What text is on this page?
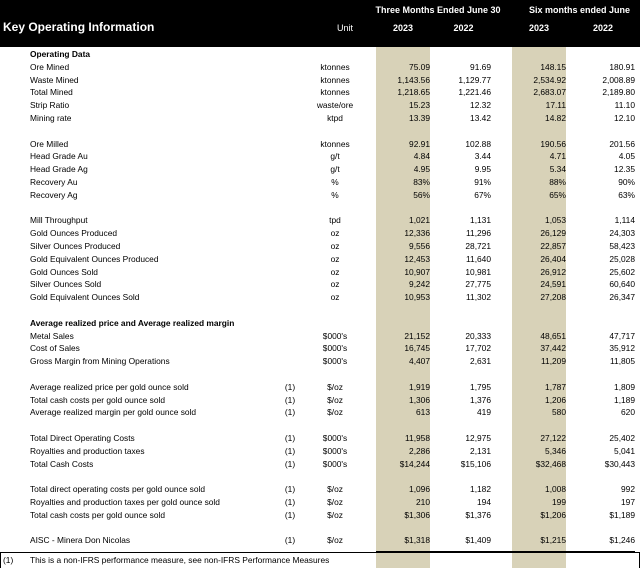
Key Operating Information
Three Months Ended June 30	Six months ended June
Unit	2023	2022	2023	2022
Operating Data
Ore Mined	ktonnes	75.09	91.69	148.15	180.91
Waste Mined	ktonnes	1,143.56	1,129.77	2,534.92	2,008.89
Total Mined	ktonnes	1,218.65	1,221.46	2,683.07	2,189.80
Strip Ratio	waste/ore	15.23	12.32	17.11	11.10
Mining rate	ktpd	13.39	13.42	14.82	12.10
Ore Milled	ktonnes	92.91	102.88	190.56	201.56
Head Grade Au	g/t	4.84	3.44	4.71	4.05
Head Grade Ag	g/t	4.95	9.95	5.34	12.35
Recovery Au	%	83%	91%	88%	90%
Recovery Ag	%	56%	67%	65%	63%
Mill Throughput	tpd	1,021	1,131	1,053	1,114
Gold Ounces Produced	oz	12,336	11,296	26,129	24,303
Silver Ounces Produced	oz	9,556	28,721	22,857	58,423
Gold Equivalent Ounces Produced	oz	12,453	11,640	26,404	25,028
Gold Ounces Sold	oz	10,907	10,981	26,912	25,602
Silver Ounces Sold	oz	9,242	27,775	24,591	60,640
Gold Equivalent Ounces Sold	oz	10,953	11,302	27,208	26,347
Average realized price and Average realized margin
Metal Sales	$000's	21,152	20,333	48,651	47,717
Cost of Sales	$000's	16,745	17,702	37,442	35,912
Gross Margin from Mining Operations	$000's	4,407	2,631	11,209	11,805
Average realized price per gold ounce sold	(1)	$/oz	1,919	1,795	1,787	1,809
Total cash costs per gold ounce sold	(1)	$/oz	1,306	1,376	1,206	1,189
Average realized margin per gold ounce sold	(1)	$/oz	613	419	580	620
Total Direct Operating Costs	(1)	$000's	11,958	12,975	27,122	25,402
Royalties and production taxes	(1)	$000's	2,286	2,131	5,346	5,041
Total Cash Costs	(1)	$000's	$14,244	$15,106	$32,468	$30,443
Total direct operating costs per gold ounce sold	(1)	$/oz	1,096	1,182	1,008	992
Royalties and production taxes per gold ounce sold	(1)	$/oz	210	194	199	197
Total cash costs per gold ounce sold	(1)	$/oz	$1,306	$1,376	$1,206	$1,189
AISC - Minera Don Nicolas	(1)	$/oz	$1,318	$1,409	$1,215	$1,246
(1) This is a non-IFRS performance measure, see non-IFRS Performance Measures
